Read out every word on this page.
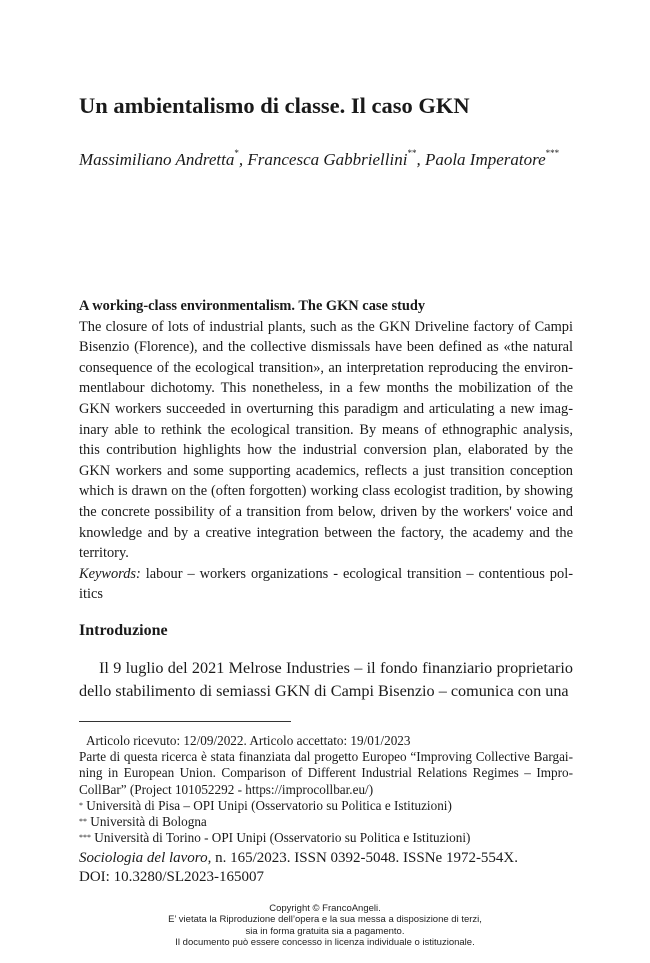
Un ambientalismo di classe. Il caso GKN
Massimiliano Andretta*, Francesca Gabbriellini**, Paola Imperatore***
A working-class environmentalism. The GKN case study

The closure of lots of industrial plants, such as the GKN Driveline factory of Campi Bisenzio (Florence), and the collective dismissals have been defined as «the natural consequence of the ecological transition», an interpretation reproducing the environmentlabour dichotomy. This nonetheless, in a few months the mobilization of the GKN workers succeeded in overturning this paradigm and articulating a new imaginary able to rethink the ecological transition. By means of ethnographic analysis, this contribution highlights how the industrial conversion plan, elaborated by the GKN workers and some supporting academics, reflects a just transition conception which is drawn on the (often forgotten) working class ecologist tradition, by showing the concrete possibility of a transition from below, driven by the workers' voice and knowledge and by a creative integration between the factory, the academy and the territory.

Keywords: labour – workers organizations - ecological transition – contentious politics

Introduzione

Il 9 luglio del 2021 Melrose Industries – il fondo finanziario proprietario dello stabilimento di semiassi GKN di Campi Bisenzio – comunica con una

Articolo ricevuto: 12/09/2022. Articolo accettato: 19/01/2023
Parte di questa ricerca è stata finanziata dal progetto Europeo “Improving Collective Bargaining in European Union. Comparison of Different Industrial Relations Regimes – ImproCollBar” (Project 101052292 - https://improcollbar.eu/)
* Università di Pisa – OPI Unipi (Osservatorio su Politica e Istituzioni)
** Università di Bologna
*** Università di Torino - OPI Unipi (Osservatorio su Politica e Istituzioni)
Sociologia del lavoro, n. 165/2023. ISSN 0392-5048. ISSNe 1972-554X.
DOI: 10.3280/SL2023-165007
Copyright © FrancoAngeli.
E’ vietata la Riproduzione dell’opera e la sua messa a disposizione di terzi,
sia in forma gratuita sia a pagamento.
Il documento può essere concesso in licenza individuale o istituzionale.
